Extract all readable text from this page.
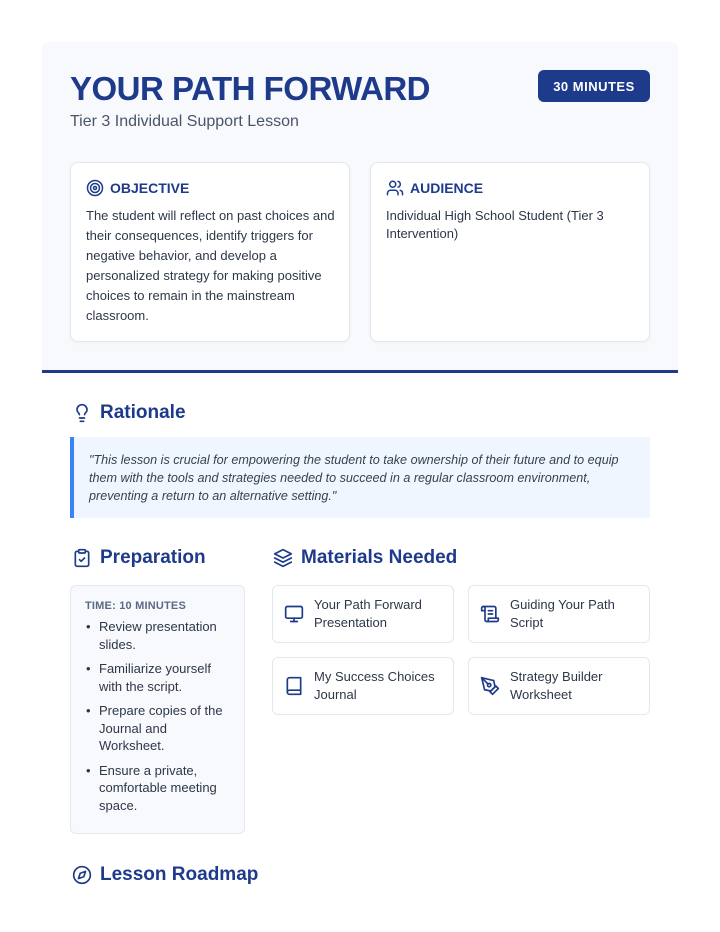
YOUR PATH FORWARD
Tier 3 Individual Support Lesson
30 MINUTES
OBJECTIVE
The student will reflect on past choices and their consequences, identify triggers for negative behavior, and develop a personalized strategy for making positive choices to remain in the mainstream classroom.
AUDIENCE
Individual High School Student (Tier 3 Intervention)
Rationale
"This lesson is crucial for empowering the student to take ownership of their future and to equip them with the tools and strategies needed to succeed in a regular classroom environment, preventing a return to an alternative setting."
Preparation
TIME: 10 MINUTES
• Review presentation slides.
• Familiarize yourself with the script.
• Prepare copies of the Journal and Worksheet.
• Ensure a private, comfortable meeting space.
Materials Needed
Your Path Forward Presentation
Guiding Your Path Script
My Success Choices Journal
Strategy Builder Worksheet
Lesson Roadmap
